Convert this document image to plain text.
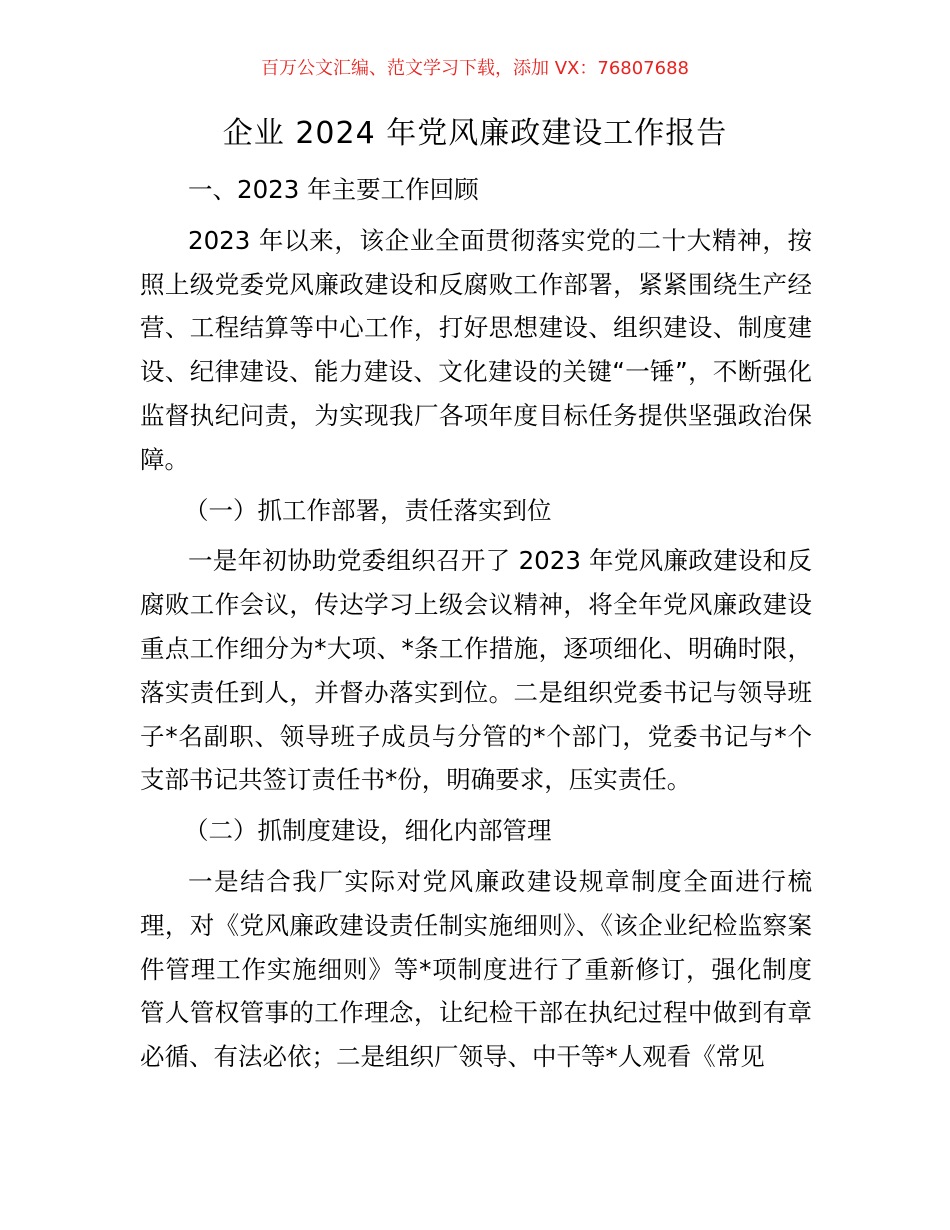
百万公文汇编、范文学习下载，添加 VX：76807688
企业 2024 年党风廉政建设工作报告

一、2023 年主要工作回顾

2023 年以来，该企业全面贯彻落实党的二十大精神，按照上级党委党风廉政建设和反腐败工作部署，紧紧围绕生产经营、工程结算等中心工作，打好思想建设、组织建设、制度建设、纪律建设、能力建设、文化建设的关键“一锤”，不断强化监督执纪问责，为实现我厂各项年度目标任务提供坚强政治保障。

（一）抓工作部署，责任落实到位

一是年初协助党委组织召开了 2023 年党风廉政建设和反腐败工作会议，传达学习上级会议精神，将全年党风廉政建设重点工作细分为*大项、*条工作措施，逐项细化、明确时限，落实责任到人，并督办落实到位。二是组织党委书记与领导班子*名副职、领导班子成员与分管的*个部门，党委书记与*个支部书记共签订责任书*份，明确要求，压实责任。

（二）抓制度建设，细化内部管理

一是结合我厂实际对党风廉政建设规章制度全面进行梳理，对《党风廉政建设责任制实施细则》、《该企业纪检监察案件管理工作实施细则》等*项制度进行了重新修订，强化制度管人管权管事的工作理念，让纪检干部在执纪过程中做到有章必循、有法必依；二是组织厂领导、中干等*人观看《常见
